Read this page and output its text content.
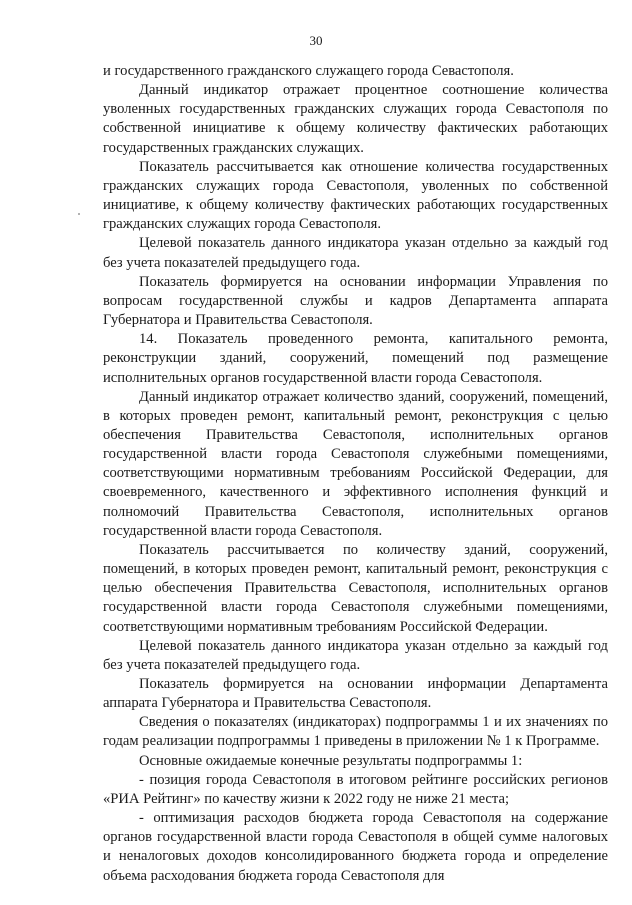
30

и государственного гражданского служащего города Севастополя.

Данный индикатор отражает процентное соотношение количества уволенных государственных гражданских служащих города Севастополя по собственной инициативе к общему количеству фактических работающих государственных гражданских служащих.

Показатель рассчитывается как отношение количества государственных гражданских служащих города Севастополя, уволенных по собственной инициативе, к общему количеству фактических работающих государственных гражданских служащих города Севастополя.

Целевой показатель данного индикатора указан отдельно за каждый год без учета показателей предыдущего года.

Показатель формируется на основании информации Управления по вопросам государственной службы и кадров Департамента аппарата Губернатора и Правительства Севастополя.

14. Показатель проведенного ремонта, капитального ремонта, реконструкции зданий, сооружений, помещений под размещение исполнительных органов государственной власти города Севастополя.

Данный индикатор отражает количество зданий, сооружений, помещений, в которых проведен ремонт, капитальный ремонт, реконструкция с целью обеспечения Правительства Севастополя, исполнительных органов государственной власти города Севастополя служебными помещениями, соответствующими нормативным требованиям Российской Федерации, для своевременного, качественного и эффективного исполнения функций и полномочий Правительства Севастополя, исполнительных органов государственной власти города Севастополя.

Показатель рассчитывается по количеству зданий, сооружений, помещений, в которых проведен ремонт, капитальный ремонт, реконструкция с целью обеспечения Правительства Севастополя, исполнительных органов государственной власти города Севастополя служебными помещениями, соответствующими нормативным требованиям Российской Федерации.

Целевой показатель данного индикатора указан отдельно за каждый год без учета показателей предыдущего года.

Показатель формируется на основании информации Департамента аппарата Губернатора и Правительства Севастополя.

Сведения о показателях (индикаторах) подпрограммы 1 и их значениях по годам реализации подпрограммы 1 приведены в приложении № 1 к Программе.

Основные ожидаемые конечные результаты подпрограммы 1:

- позиция города Севастополя в итоговом рейтинге российских регионов «РИА Рейтинг» по качеству жизни к 2022 году не ниже 21 места;

- оптимизация расходов бюджета города Севастополя на содержание органов государственной власти города Севастополя в общей сумме налоговых и неналоговых доходов консолидированного бюджета города и определение объема расходования бюджета города Севастополя для
